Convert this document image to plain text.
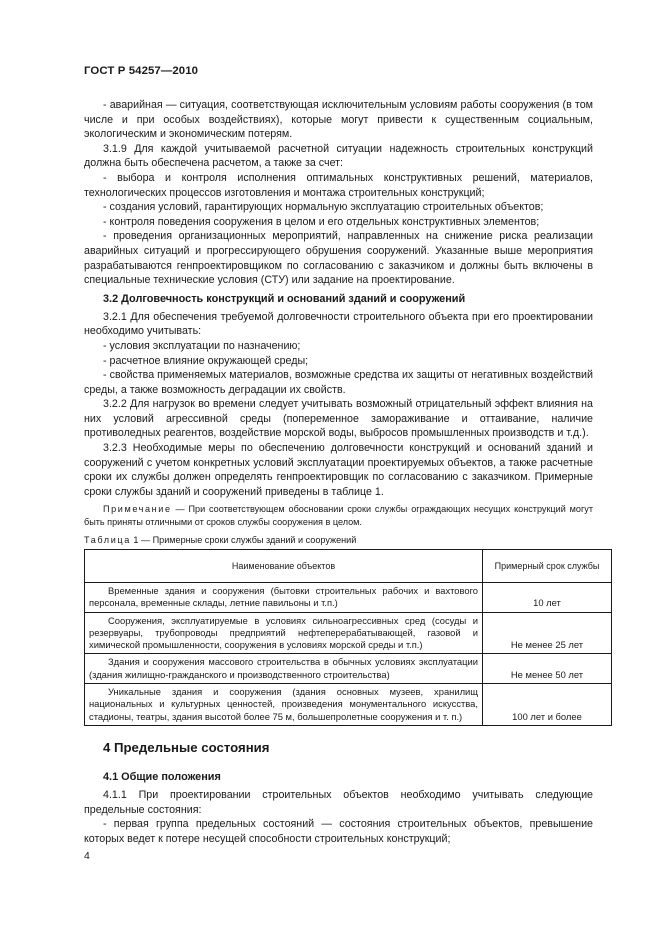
ГОСТ Р 54257—2010

- аварийная — ситуация, соответствующая исключительным условиям работы сооружения (в том числе и при особых воздействиях), которые могут привести к существенным социальным, экологическим и экономическим потерям.

3.1.9 Для каждой учитываемой расчетной ситуации надежность строительных конструкций должна быть обеспечена расчетом, а также за счет:

- выбора и контроля исполнения оптимальных конструктивных решений, материалов, технологических процессов изготовления и монтажа строительных конструкций;

- создания условий, гарантирующих нормальную эксплуатацию строительных объектов;

- контроля поведения сооружения в целом и его отдельных конструктивных элементов;

- проведения организационных мероприятий, направленных на снижение риска реализации аварийных ситуаций и прогрессирующего обрушения сооружений. Указанные выше мероприятия разрабатываются генпроектировщиком по согласованию с заказчиком и должны быть включены в специальные технические условия (СТУ) или задание на проектирование.

3.2 Долговечность конструкций и оснований зданий и сооружений

3.2.1 Для обеспечения требуемой долговечности строительного объекта при его проектировании необходимо учитывать:

- условия эксплуатации по назначению;

- расчетное влияние окружающей среды;

- свойства применяемых материалов, возможные средства их защиты от негативных воздействий среды, а также возможность деградации их свойств.

3.2.2 Для нагрузок во времени следует учитывать возможный отрицательный эффект влияния на них условий агрессивной среды (попеременное замораживание и оттаивание, наличие противоледных реагентов, воздействие морской воды, выбросов промышленных производств и т.д.).

3.2.3 Необходимые меры по обеспечению долговечности конструкций и оснований зданий и сооружений с учетом конкретных условий эксплуатации проектируемых объектов, а также расчетные сроки их службы должен определять генпроектировщик по согласованию с заказчиком. Примерные сроки службы зданий и сооружений приведены в таблице 1.

Примечание — При соответствующем обосновании сроки службы ограждающих несущих конструкций могут быть приняты отличными от сроков службы сооружения в целом.

Таблица 1 — Примерные сроки службы зданий и сооружений
Наименование объектов	Примерный срок службы
Временные здания и сооружения (бытовки строительных рабочих и вахтового персонала, временные склады, летние павильоны и т.п.)	10 лет
Сооружения, эксплуатируемые в условиях сильноагрессивных сред (сосуды и резервуары, трубопроводы предприятий нефтеперерабатывающей, газовой и химической промышленности, сооружения в условиях морской среды и т.п.)	Не менее 25 лет
Здания и сооружения массового строительства в обычных условиях эксплуатации (здания жилищно-гражданского и производственного строительства)	Не менее 50 лет
Уникальные здания и сооружения (здания основных музеев, хранилищ национальных и культурных ценностей, произведения монументального искусства, стадионы, театры, здания высотой более 75 м, большепролетные сооружения и т. п.)	100 лет и более
4 Предельные состояния
4.1 Общие положения

4.1.1 При проектировании строительных объектов необходимо учитывать следующие предельные состояния:

- первая группа предельных состояний — состояния строительных объектов, превышение которых ведет к потере несущей способности строительных конструкций;

4
